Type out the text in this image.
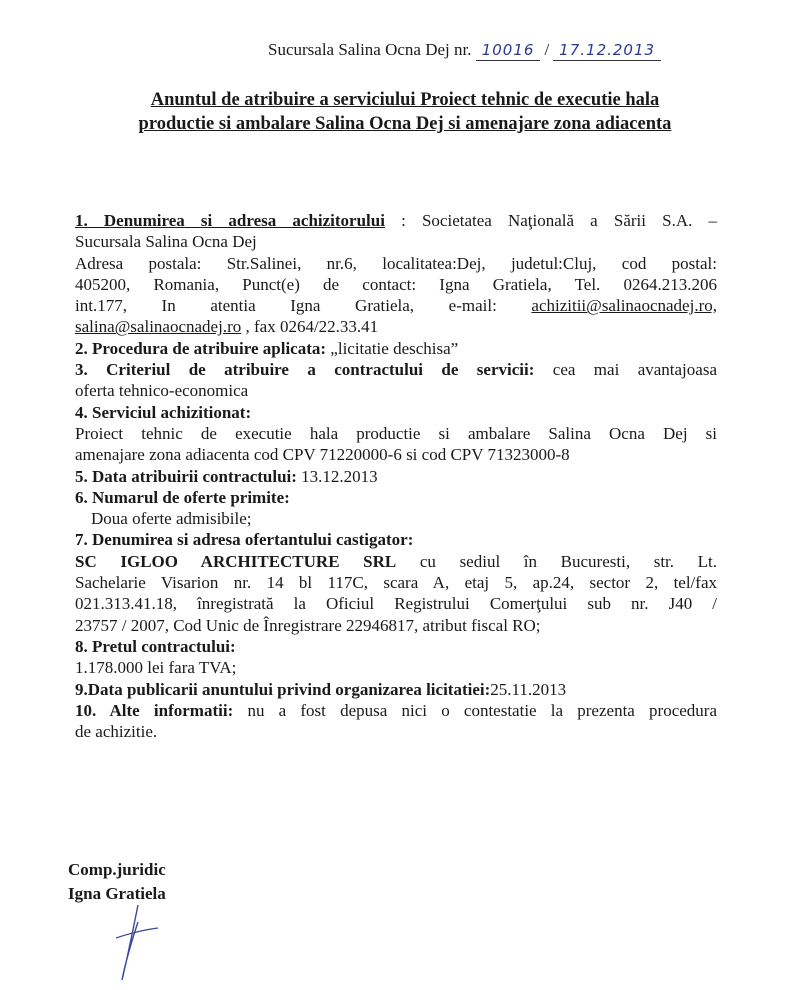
Sucursala Salina Ocna Dej nr. 10016 / 17.12.2013
Anuntul de atribuire a serviciului Proiect tehnic de executie hala
productie si ambalare Salina Ocna Dej si amenajare zona adiacenta

1. Denumirea si adresa achizitorului : Societatea Naţională a Sării S.A. –

Sucursala Salina Ocna Dej

Adresa postala: Str.Salinei, nr.6, localitatea:Dej, judetul:Cluj, cod postal:

405200, Romania, Punct(e) de contact: Igna Gratiela, Tel. 0264.213.206

int.177, In atentia Igna Gratiela, e-mail: achizitii@salinaocnadej.ro,

salina@salinaocnadej.ro , fax 0264/22.33.41

2. Procedura de atribuire aplicata: „licitatie deschisa”

3. Criteriul de atribuire a contractului de servicii: cea mai avantajoasa

oferta tehnico-economica

4. Serviciul achizitionat:

Proiect tehnic de executie hala productie si ambalare Salina Ocna Dej si

amenajare zona adiacenta cod CPV 71220000-6 si cod CPV 71323000-8

5. Data atribuirii contractului: 13.12.2013

6. Numarul de oferte primite:

Doua oferte admisibile;

7. Denumirea si adresa ofertantului castigator:

SC IGLOO ARCHITECTURE SRL cu sediul în Bucuresti, str. Lt.

Sachelarie Visarion nr. 14 bl 117C, scara A, etaj 5, ap.24, sector 2, tel/fax

021.313.41.18, înregistrată la Oficiul Registrului Comerţului sub nr. J40 /

23757 / 2007, Cod Unic de Înregistrare 22946817, atribut fiscal RO;

8. Pretul contractului:

1.178.000 lei fara TVA;

9.Data publicarii anuntului privind organizarea licitatiei:25.11.2013

10. Alte informatii: nu a fost depusa nici o contestatie la prezenta procedura

de achizitie.

Comp.juridic
Igna Gratiela
